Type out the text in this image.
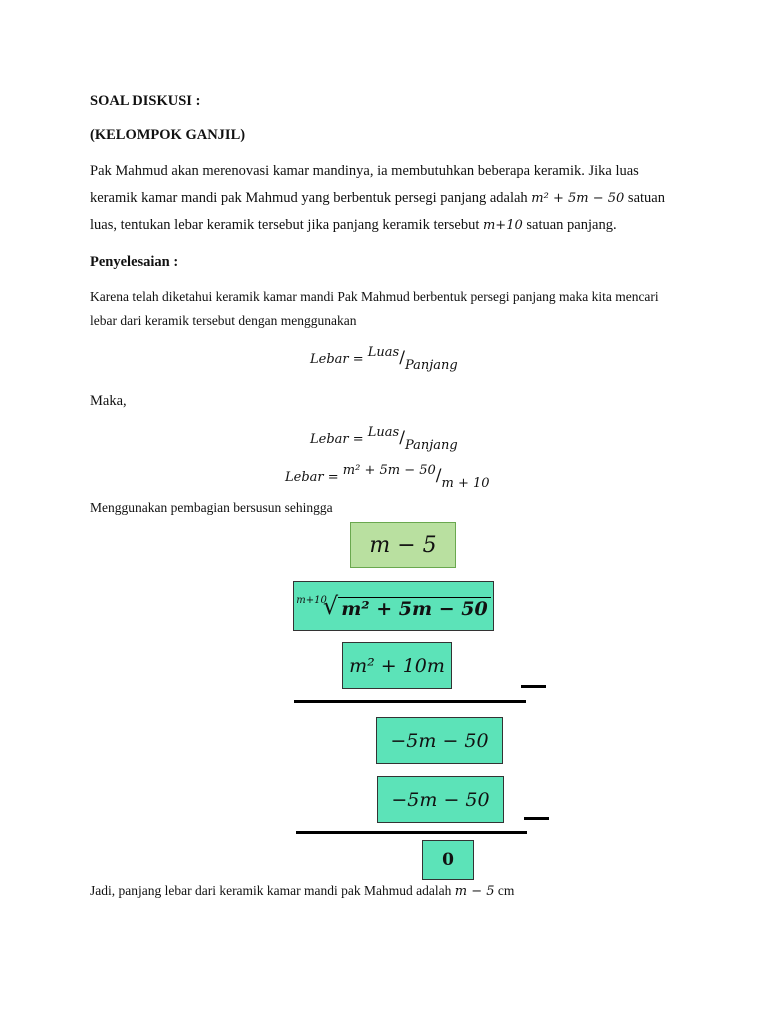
SOAL DISKUSI :
(KELOMPOK GANJIL)
Pak Mahmud akan merenovasi kamar mandinya, ia membutuhkan beberapa keramik. Jika luas
keramik kamar mandi pak Mahmud yang berbentuk persegi panjang adalah m² + 5m − 50 satuan
luas, tentukan lebar keramik tersebut jika panjang keramik tersebut m+10 satuan panjang.
Penyelesaian :
Karena telah diketahui keramik kamar mandi Pak Mahmud berbentuk persegi panjang maka kita mencari
lebar dari keramik tersebut dengan menggunakan
Lebar = Luas/Panjang
Maka,
Lebar = Luas/Panjang
Lebar = m² + 5m − 50/m + 10
Menggunakan pembagian bersusun sehingga
m − 5
m+10
√ m² + 5m − 50
m² + 10m
−5m − 50
−5m − 50
0
Jadi, panjang lebar dari keramik kamar mandi pak Mahmud adalah m − 5 cm
